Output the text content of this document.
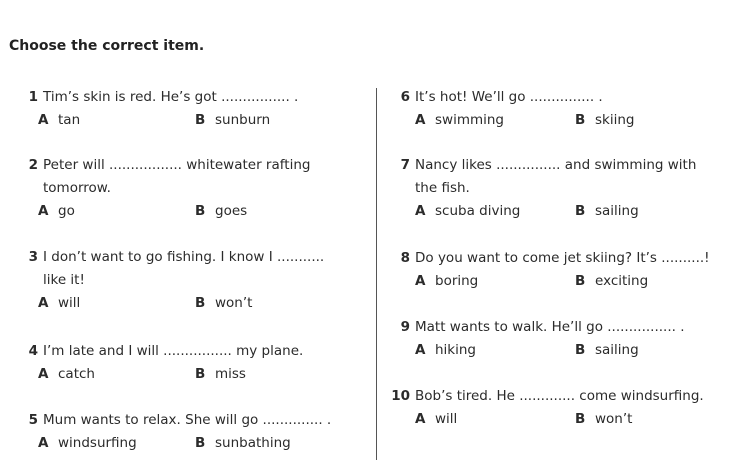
Choose the correct item.
1 Tim’s skin is red. He’s got ................ .
A tan	B sunburn
2 Peter will ................. whitewater rafting
tomorrow.
A go	B goes
3 I don’t want to go fishing. I know I ...........
like it!
A will	B won’t
4 I’m late and I will ................ my plane.
A catch	B miss
5 Mum wants to relax. She will go .............. .
A windsurfing	B sunbathing
6 It’s hot! We’ll go ............... .
A swimming	B skiing
7 Nancy likes ............... and swimming with
the fish.
A scuba diving	B sailing
8 Do you want to come jet skiing? It’s ..........!
A boring	B exciting
9 Matt wants to walk. He’ll go ................ .
A hiking	B sailing
10 Bob’s tired. He ............. come windsurfing.
A will	B won’t
